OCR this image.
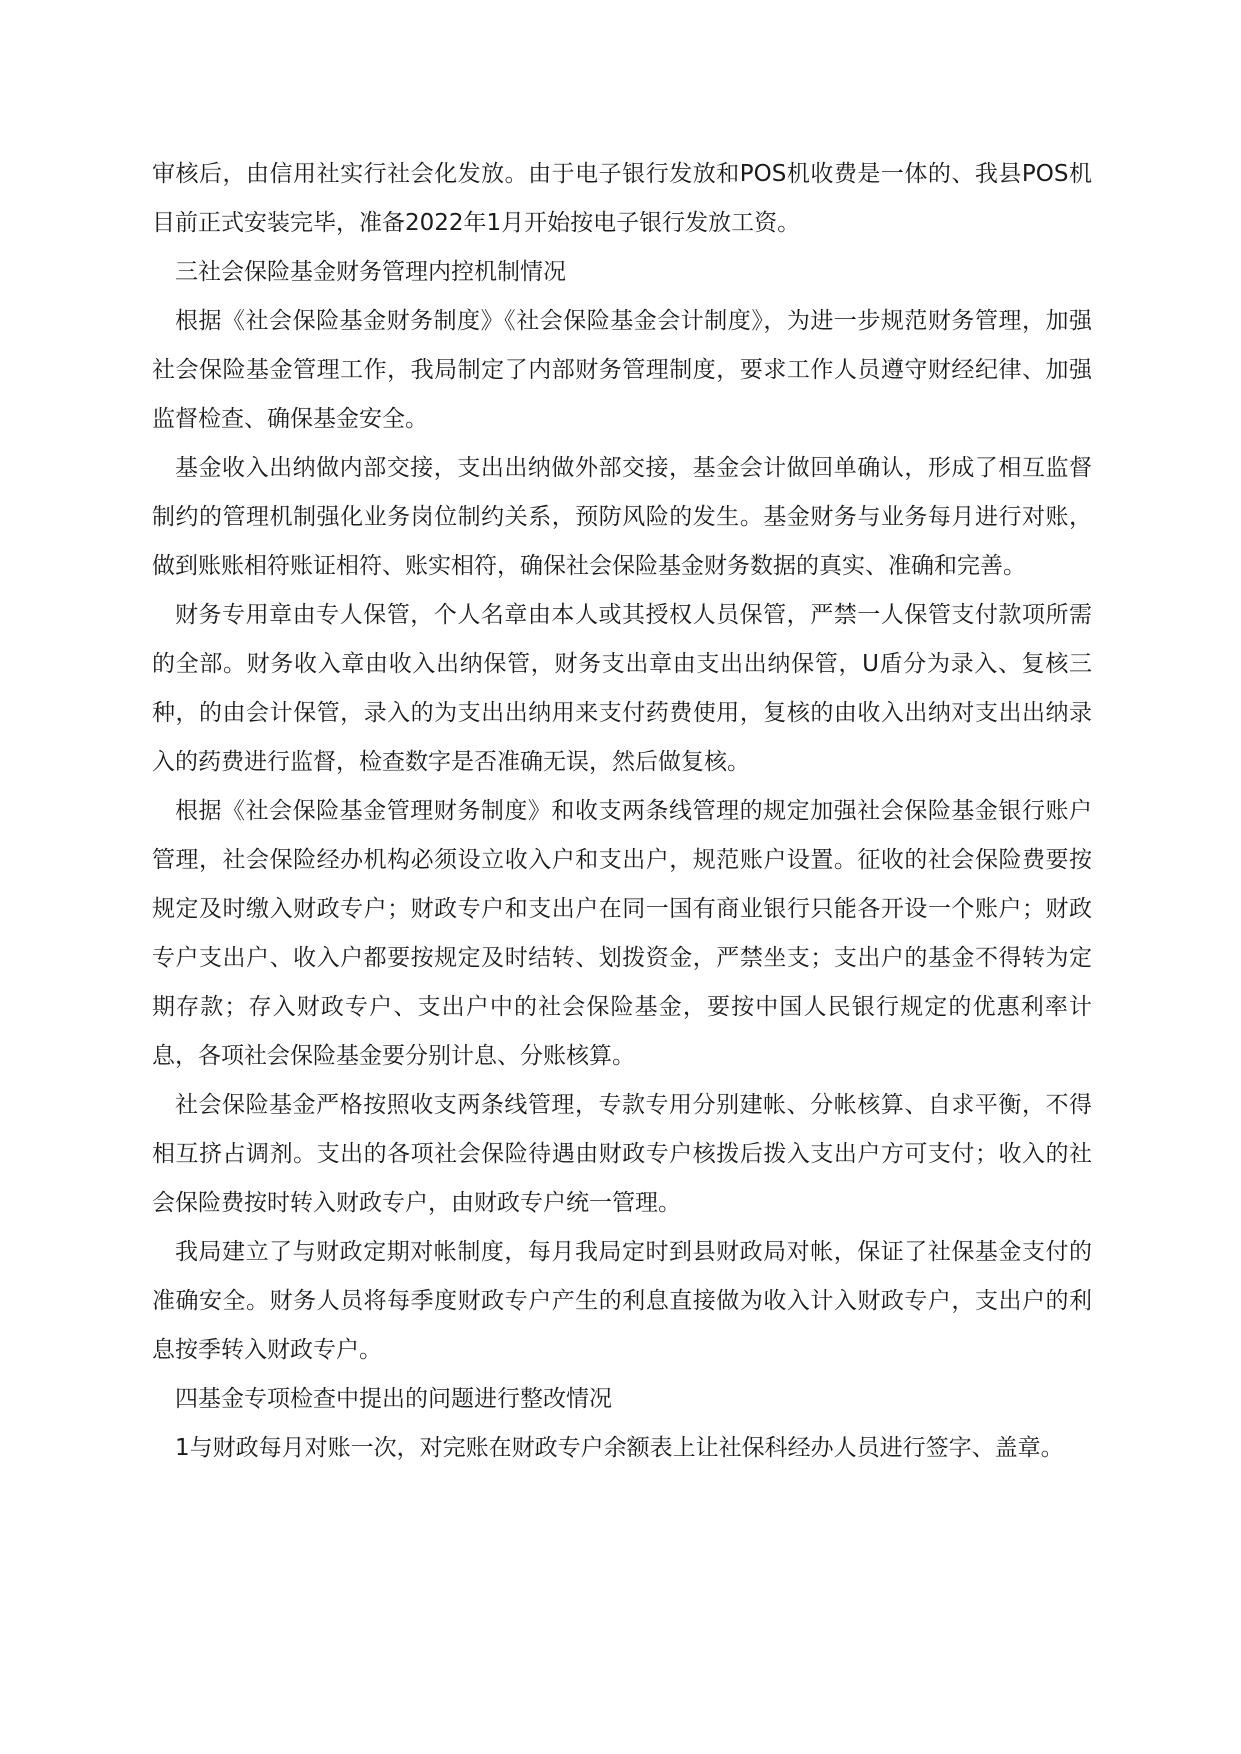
审核后，由信用社实行社会化发放。由于电子银行发放和POS机收费是一体的、我县POS机目前正式安装完毕，准备2022年1月开始按电子银行发放工资。

三社会保险基金财务管理内控机制情况

根据《社会保险基金财务制度》《社会保险基金会计制度》，为进一步规范财务管理，加强社会保险基金管理工作，我局制定了内部财务管理制度，要求工作人员遵守财经纪律、加强监督检查、确保基金安全。

基金收入出纳做内部交接，支出出纳做外部交接，基金会计做回单确认，形成了相互监督制约的管理机制强化业务岗位制约关系，预防风险的发生。基金财务与业务每月进行对账，做到账账相符账证相符、账实相符，确保社会保险基金财务数据的真实、准确和完善。

财务专用章由专人保管，个人名章由本人或其授权人员保管，严禁一人保管支付款项所需的全部。财务收入章由收入出纳保管，财务支出章由支出出纳保管，U盾分为录入、复核三种，的由会计保管，录入的为支出出纳用来支付药费使用，复核的由收入出纳对支出出纳录入的药费进行监督，检查数字是否准确无误，然后做复核。

根据《社会保险基金管理财务制度》和收支两条线管理的规定加强社会保险基金银行账户管理，社会保险经办机构必须设立收入户和支出户，规范账户设置。征收的社会保险费要按规定及时缴入财政专户；财政专户和支出户在同一国有商业银行只能各开设一个账户；财政专户支出户、收入户都要按规定及时结转、划拨资金，严禁坐支；支出户的基金不得转为定期存款；存入财政专户、支出户中的社会保险基金，要按中国人民银行规定的优惠利率计息，各项社会保险基金要分别计息、分账核算。

社会保险基金严格按照收支两条线管理，专款专用分别建帐、分帐核算、自求平衡，不得相互挤占调剂。支出的各项社会保险待遇由财政专户核拨后拨入支出户方可支付；收入的社会保险费按时转入财政专户，由财政专户统一管理。

我局建立了与财政定期对帐制度，每月我局定时到县财政局对帐，保证了社保基金支付的准确安全。财务人员将每季度财政专户产生的利息直接做为收入计入财政专户，支出户的利息按季转入财政专户。

四基金专项检查中提出的问题进行整改情况

1与财政每月对账一次，对完账在财政专户余额表上让社保科经办人员进行签字、盖章。
